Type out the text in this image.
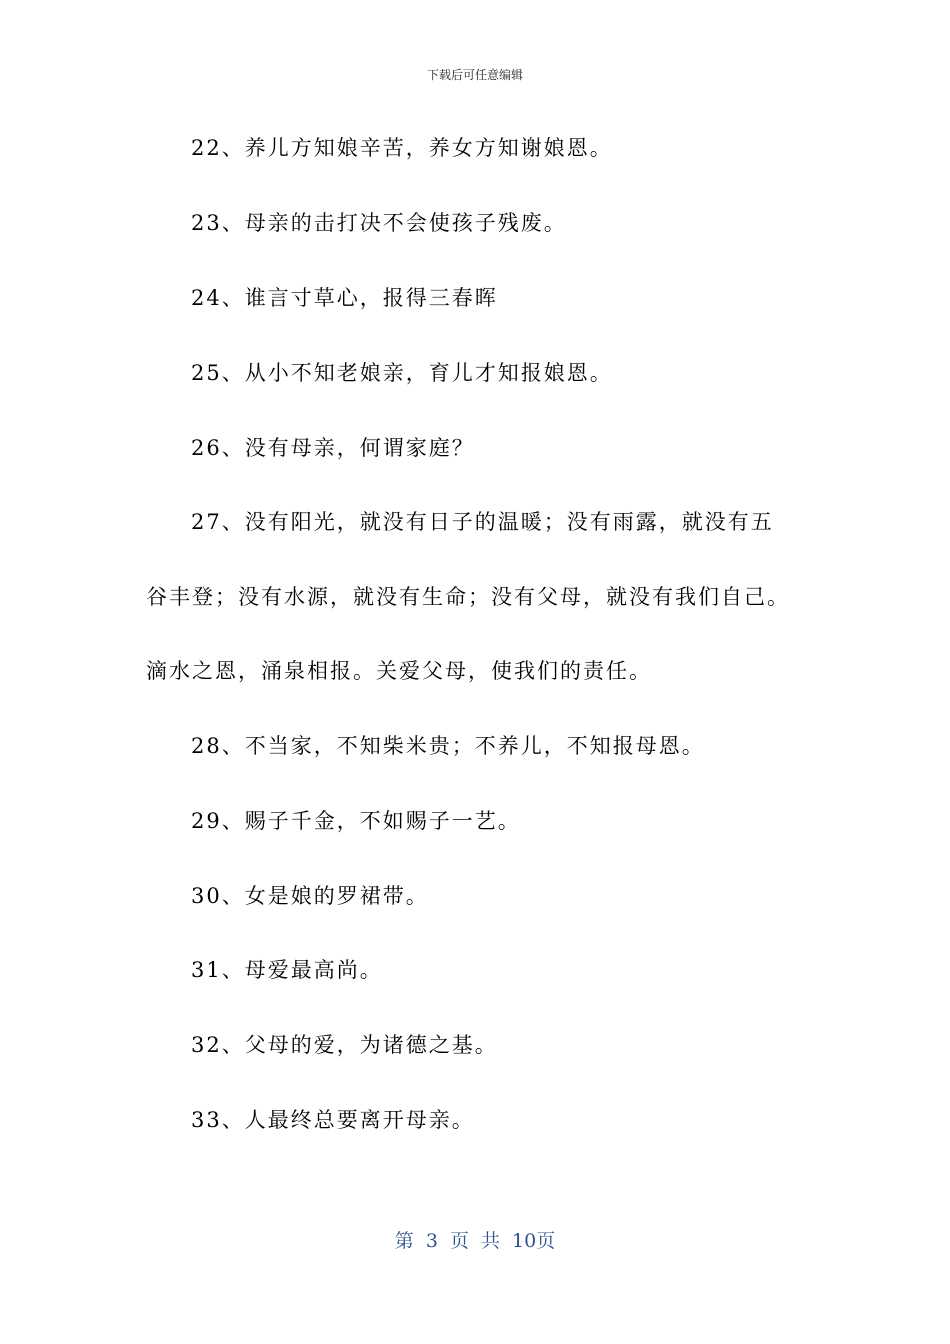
下载后可任意编辑
22、养儿方知娘辛苦，养女方知谢娘恩。
23、母亲的击打决不会使孩子残废。
24、谁言寸草心，报得三春晖
25、从小不知老娘亲，育儿才知报娘恩。
26、没有母亲，何谓家庭？
27、没有阳光，就没有日子的温暖；没有雨露，就没有五
谷丰登；没有水源，就没有生命；没有父母，就没有我们自己。
滴水之恩，涌泉相报。关爱父母，使我们的责任。
28、不当家，不知柴米贵；不养儿，不知报母恩。
29、赐子千金，不如赐子一艺。
30、女是娘的罗裙带。
31、母爱最高尚。
32、父母的爱，为诸德之基。
33、人最终总要离开母亲。
第 3 页 共 10页
